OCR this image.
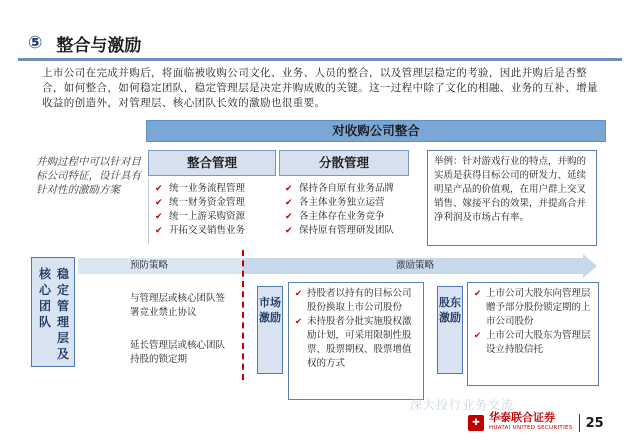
⑤ 整合与激励

上市公司在完成并购后，将面临被收购公司文化、业务、人员的整合，以及管理层稳定的考验，因此并购后是否整合，如何整合，如何稳定团队，稳定管理层是决定并购成败的关键。这一过程中除了文化的相融、业务的互补、增量收益的创造外，对管理层、核心团队长效的激励也很重要。

对收购公司整合
并购过程中可以针对目标公司特征，设计具有针对性的激励方案
整合管理
✔ 统一业务流程管理
✔ 统一财务资金管理
✔ 统一上游采购资源
✔ 开拓交叉销售业务
分散管理
✔ 保持各自原有业务品牌
✔ 各主体业务独立运营
✔ 各主体存在业务竞争
✔ 保持原有管理研发团队
举例：针对游戏行业的特点，并购的实质是获得目标公司的研发力、延续明星产品的价值观，在用户群上交叉销售、嫁接平台的效果，并提高合并净利润及市场占有率。
核心团队
稳定管理层及
预防策略	激励策略
与管理层或核心团队签署竞业禁止协议
延长管理层或核心团队持股的锁定期
市场激励
✔ 持股者以持有的目标公司股份换取上市公司股份
✔ 未持股者分批实施股权激励计划，可采用限制性股票、股票期权、股票增值权的方式
股东激励
✔ 上市公司大股东向管理层赠予部分股份锁定期的上市公司股份
✔ 上市公司大股东为管理层设立持股信托
深大投行业务交流
✚ 华泰联合证券
HUATAI UNITED SECURITIES 25
